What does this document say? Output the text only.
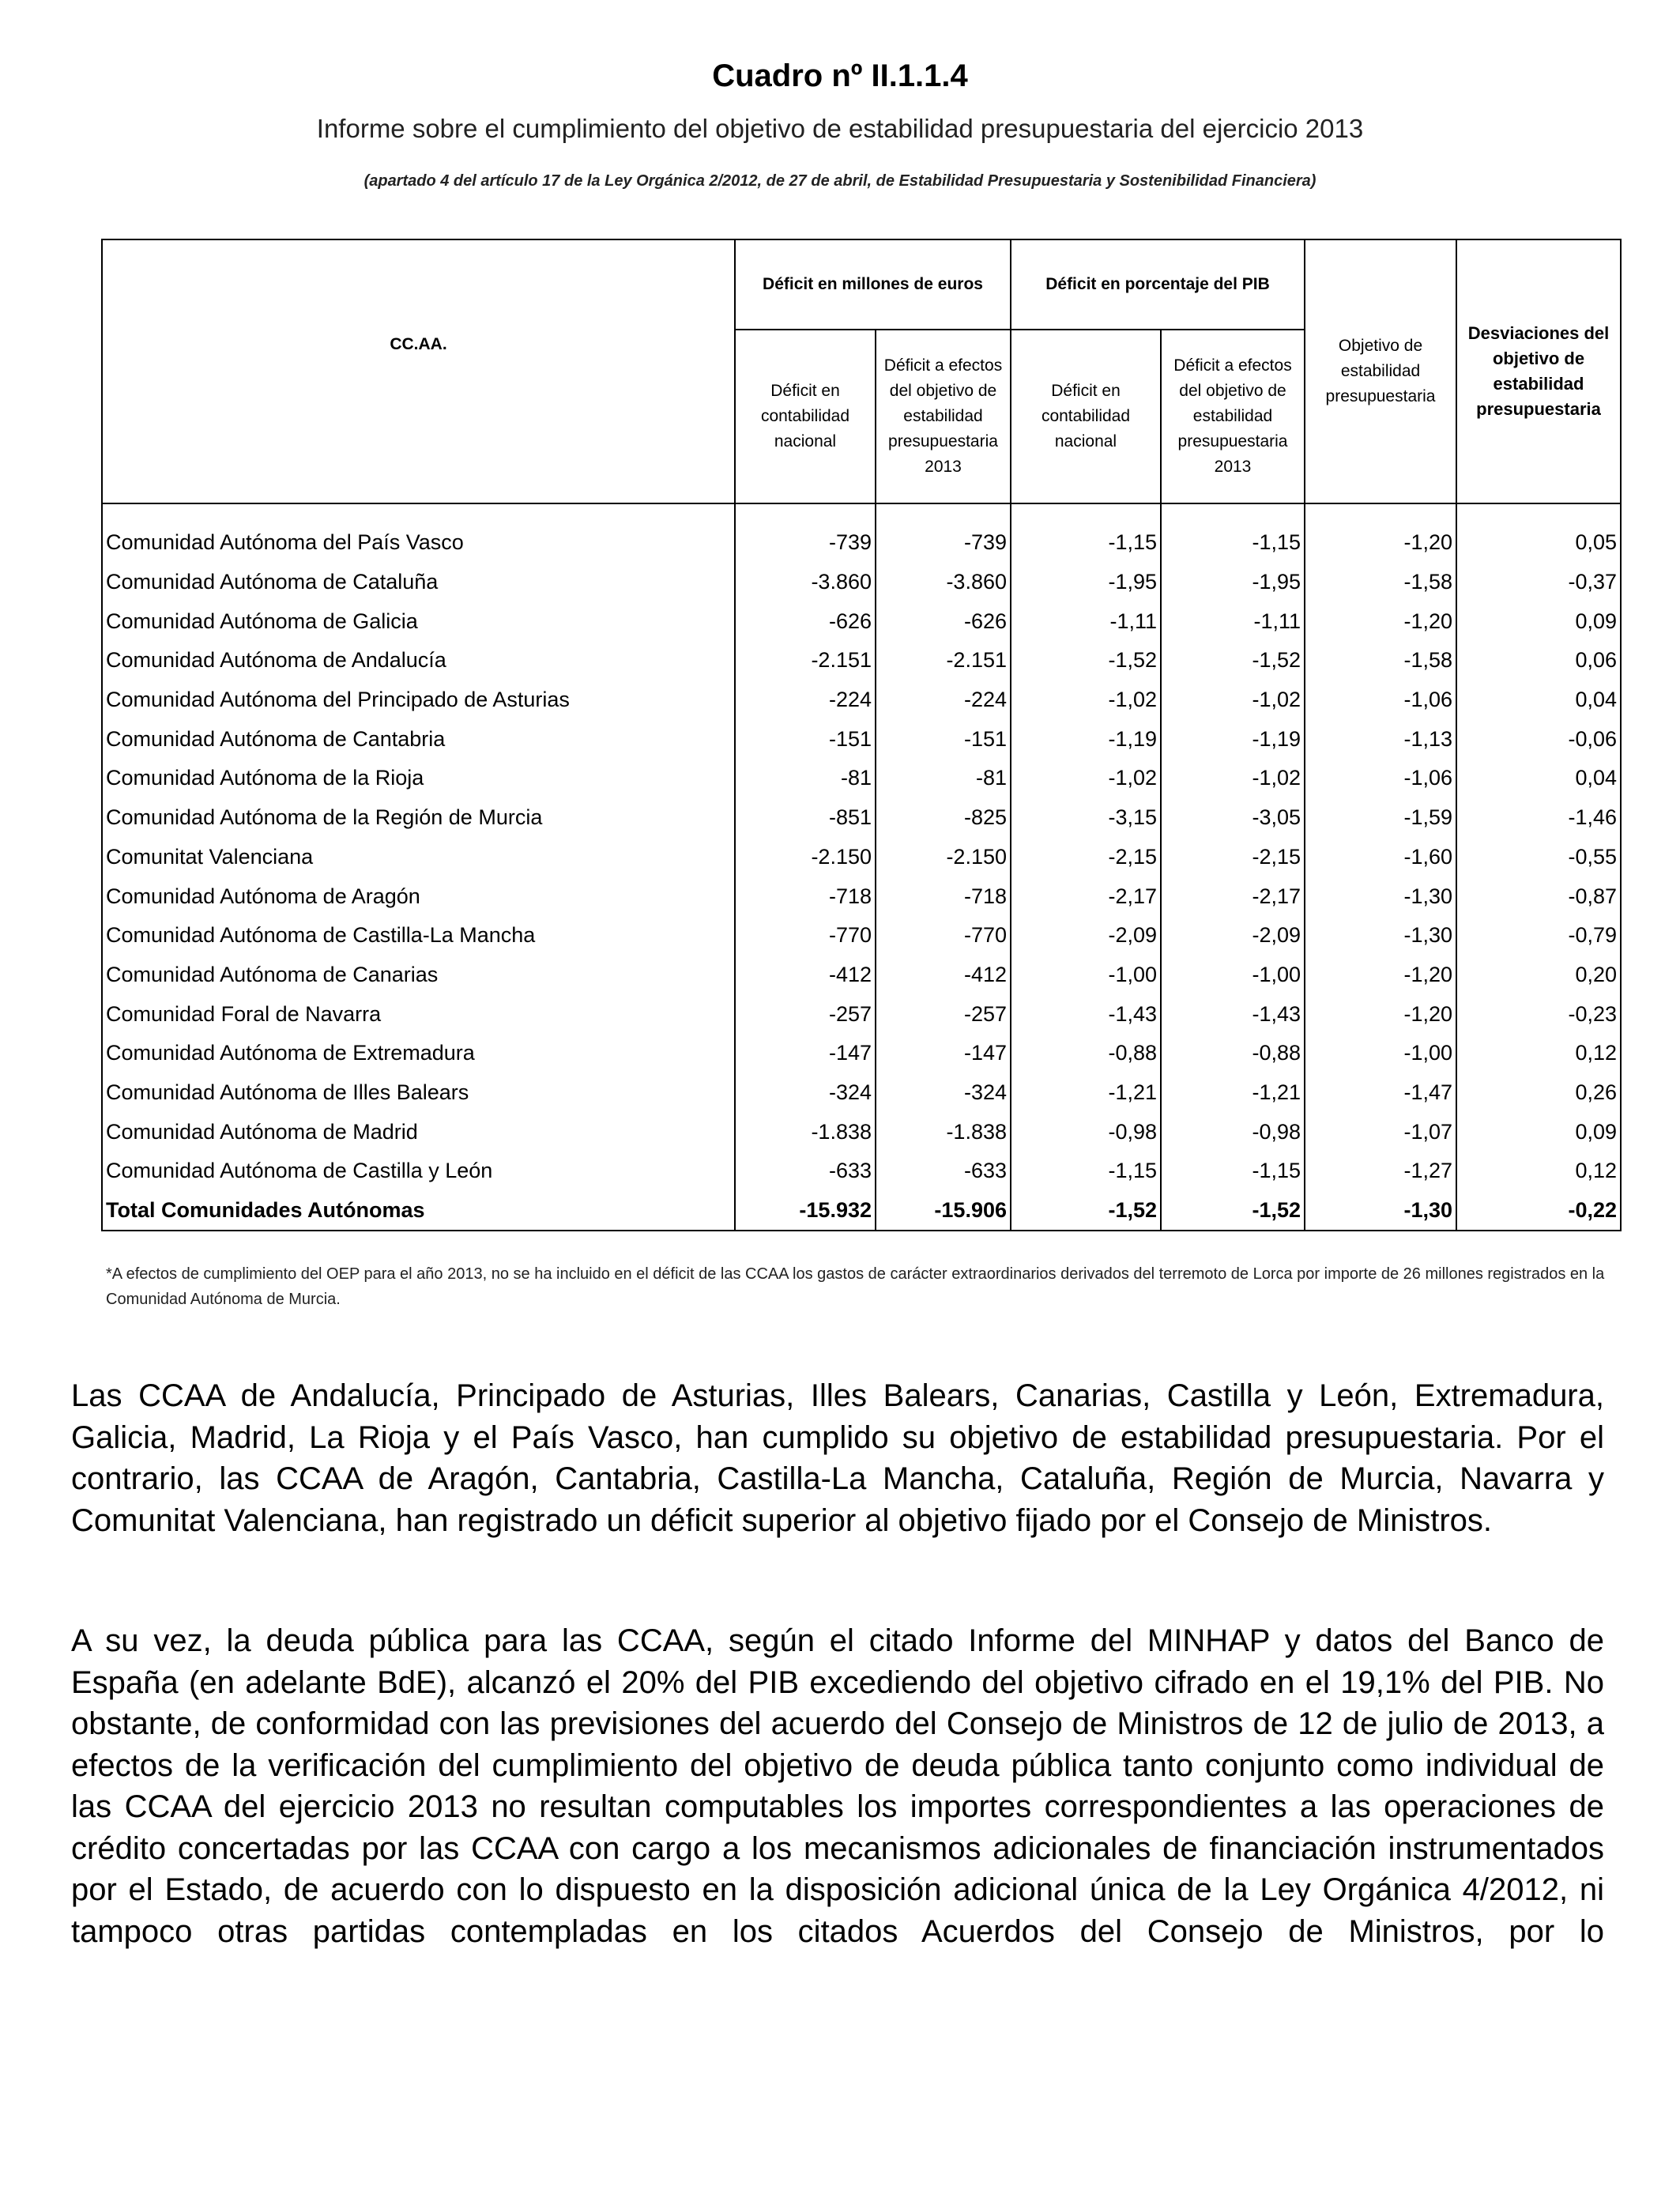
Cuadro nº II.1.1.4
Informe sobre el cumplimiento del objetivo de estabilidad presupuestaria del ejercicio 2013
(apartado 4 del artículo 17 de la Ley Orgánica 2/2012, de 27 de abril, de Estabilidad Presupuestaria y Sostenibilidad Financiera)
CC.AA.	Déficit en millones de euros		Déficit en porcentaje del PIB		Objetivo de estabilidad presupuestaria	Desviaciones del objetivo de estabilidad presupuestaria
	Déficit en contabilidad nacional	Déficit a efectos del objetivo de estabilidad presupuestaria 2013	Déficit en contabilidad nacional	Déficit a efectos del objetivo de estabilidad presupuestaria 2013		
Comunidad Autónoma del País Vasco	-739	-739	-1,15	-1,15	-1,20	0,05
Comunidad Autónoma de Cataluña	-3.860	-3.860	-1,95	-1,95	-1,58	-0,37
Comunidad Autónoma de Galicia	-626	-626	-1,11	-1,11	-1,20	0,09
Comunidad Autónoma de Andalucía	-2.151	-2.151	-1,52	-1,52	-1,58	0,06
Comunidad Autónoma del Principado de Asturias	-224	-224	-1,02	-1,02	-1,06	0,04
Comunidad Autónoma de Cantabria	-151	-151	-1,19	-1,19	-1,13	-0,06
Comunidad Autónoma de la Rioja	-81	-81	-1,02	-1,02	-1,06	0,04
Comunidad Autónoma de la Región de Murcia	-851	-825	-3,15	-3,05	-1,59	-1,46
Comunitat Valenciana	-2.150	-2.150	-2,15	-2,15	-1,60	-0,55
Comunidad Autónoma de Aragón	-718	-718	-2,17	-2,17	-1,30	-0,87
Comunidad Autónoma de Castilla-La Mancha	-770	-770	-2,09	-2,09	-1,30	-0,79
Comunidad Autónoma de Canarias	-412	-412	-1,00	-1,00	-1,20	0,20
Comunidad Foral de Navarra	-257	-257	-1,43	-1,43	-1,20	-0,23
Comunidad Autónoma de Extremadura	-147	-147	-0,88	-0,88	-1,00	0,12
Comunidad Autónoma de Illes Balears	-324	-324	-1,21	-1,21	-1,47	0,26
Comunidad Autónoma de Madrid	-1.838	-1.838	-0,98	-0,98	-1,07	0,09
Comunidad Autónoma de Castilla y León	-633	-633	-1,15	-1,15	-1,27	0,12
Total Comunidades Autónomas	-15.932	-15.906	-1,52	-1,52	-1,30	-0,22
*A efectos de cumplimiento del OEP para el año 2013, no se ha incluido en el déficit de las CCAA los gastos de carácter extraordinarios derivados del terremoto de Lorca por importe de 26 millones registrados en la Comunidad Autónoma de Murcia.
Las CCAA de Andalucía, Principado de Asturias, Illes Balears, Canarias, Castilla y León, Extremadura, Galicia, Madrid, La Rioja y el País Vasco, han cumplido su objetivo de estabilidad presupuestaria. Por el contrario, las CCAA de Aragón, Cantabria, Castilla-La Mancha, Cataluña, Región de Murcia, Navarra y Comunitat Valenciana, han registrado un déficit superior al objetivo fijado por el Consejo de Ministros.
A su vez, la deuda pública para las CCAA, según el citado Informe del MINHAP y datos del Banco de España (en adelante BdE), alcanzó el 20% del PIB excediendo del objetivo cifrado en el 19,1% del PIB. No obstante, de conformidad con las previsiones del acuerdo del Consejo de Ministros de 12 de julio de 2013, a efectos de la verificación del cumplimiento del objetivo de deuda pública tanto conjunto como individual de las CCAA del ejercicio 2013 no resultan computables los importes correspondientes a las operaciones de crédito concertadas por las CCAA con cargo a los mecanismos adicionales de financiación instrumentados por el Estado, de acuerdo con lo dispuesto en la disposición adicional única de la Ley Orgánica 4/2012, ni tampoco otras partidas contempladas en los citados Acuerdos del Consejo de Ministros, por lo
